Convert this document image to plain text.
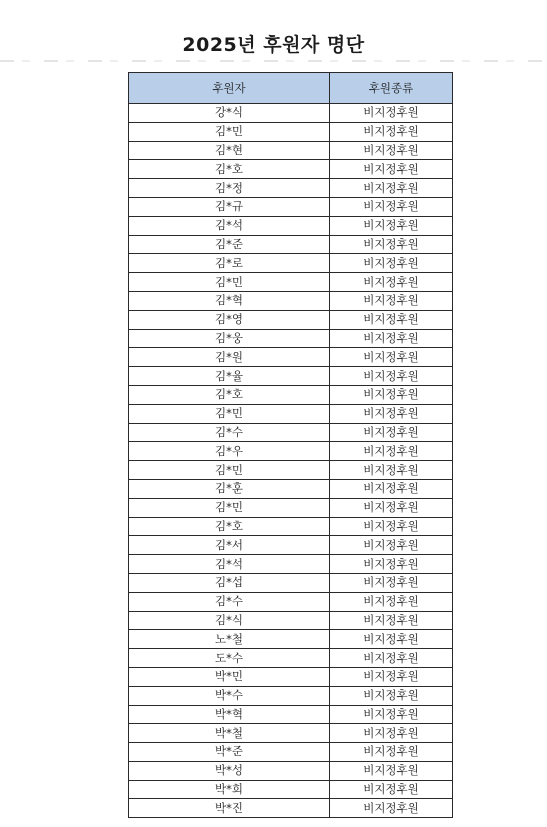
2025년 후원자 명단
후원자	후원종류
강*식	비지정후원
김*민	비지정후원
김*현	비지정후원
김*호	비지정후원
김*정	비지정후원
김*규	비지정후원
김*석	비지정후원
김*준	비지정후원
김*로	비지정후원
김*민	비지정후원
김*혁	비지정후원
김*영	비지정후원
김*웅	비지정후원
김*원	비지정후원
김*율	비지정후원
김*호	비지정후원
김*민	비지정후원
김*수	비지정후원
김*우	비지정후원
김*민	비지정후원
김*훈	비지정후원
김*민	비지정후원
김*호	비지정후원
김*서	비지정후원
김*석	비지정후원
김*섭	비지정후원
김*수	비지정후원
김*식	비지정후원
노*철	비지정후원
도*수	비지정후원
박*민	비지정후원
박*수	비지정후원
박*혁	비지정후원
박*철	비지정후원
박*준	비지정후원
박*성	비지정후원
박*희	비지정후원
박*진	비지정후원
